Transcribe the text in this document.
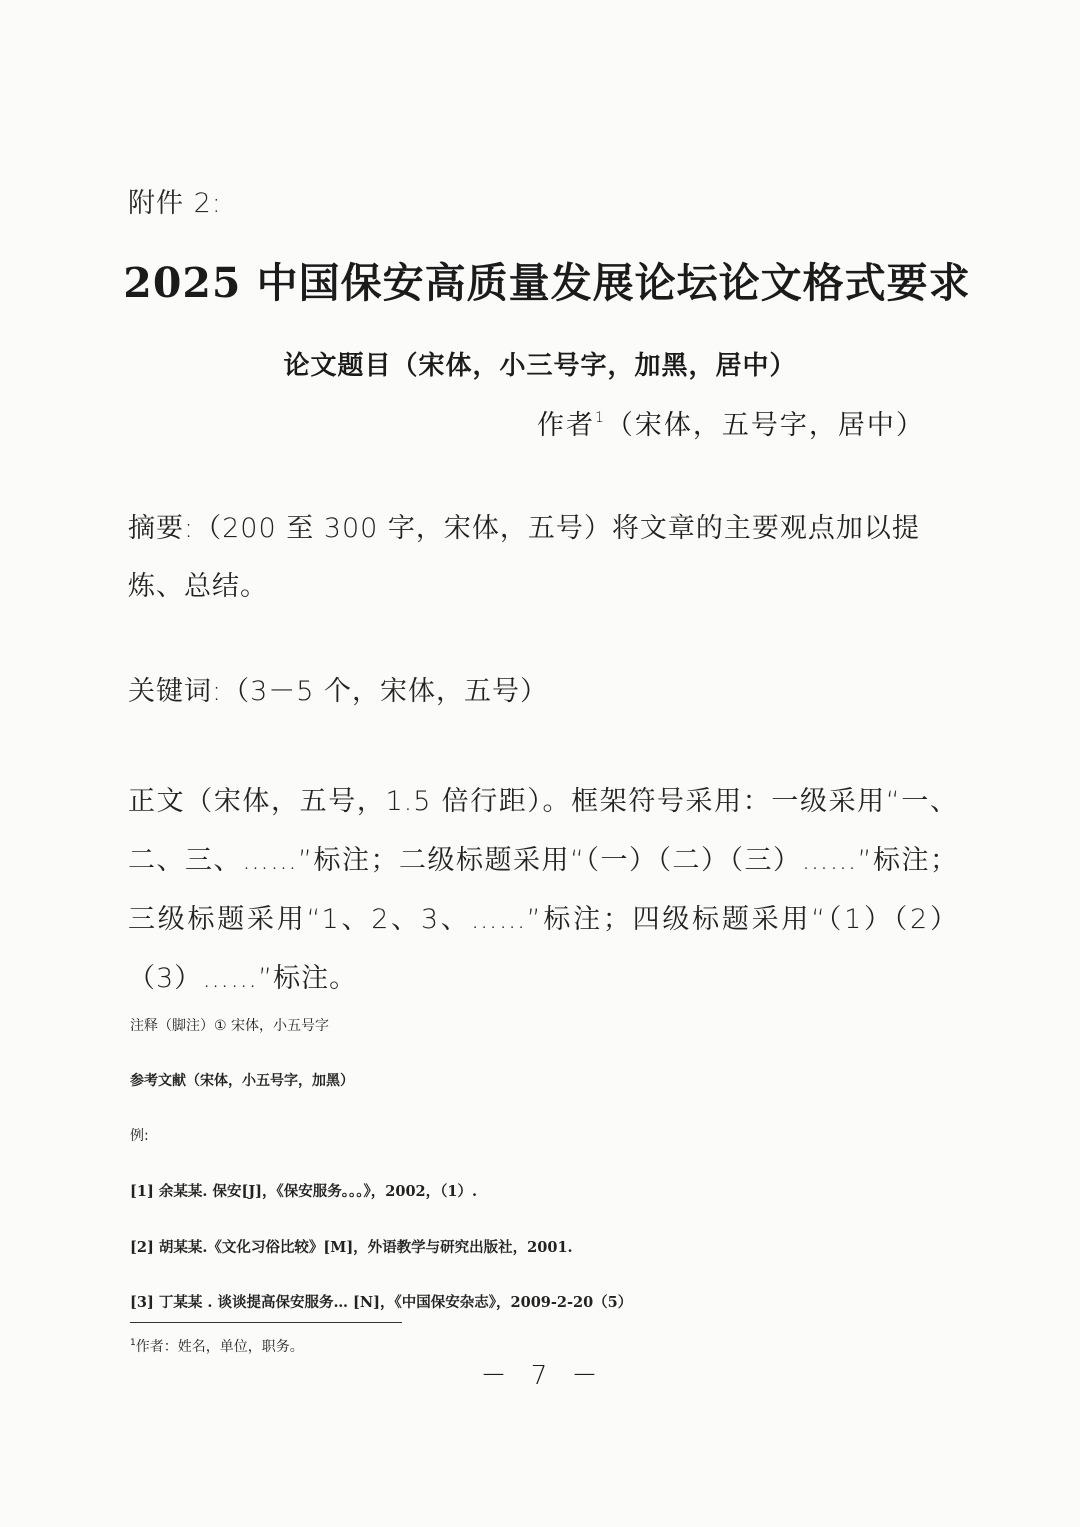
附件 2:
2025 中国保安高质量发展论坛论文格式要求
论文题目（宋体，小三号字，加黑，居中）
作者$^1$（宋体，五号字，居中）
摘要:（200 至 300 字，宋体，五号）将文章的主要观点加以提炼、总结。
关键词:（3－5 个，宋体，五号）
正文（宋体，五号，1.5 倍行距）。框架符号采用：一级采用“一、二、三、……”标注；二级标题采用“（一）（二）（三）……”标注；三级标题采用“1、2、3、……”标注；四级标题采用“（1）（2）（3）……”标注。
注释（脚注）① 宋体，小五号字
参考文献（宋体，小五号字，加黑）
例:
[1] 余某某. 保安[J]，《保安服务。。。》，2002，（1）.
[2] 胡某某.《文化习俗比较》[M]，外语教学与研究出版社，2001.
[3] 丁某某 . 谈谈提高保安服务… [N]，《中国保安杂志》，2009-2-20（5）
$^1$作者：姓名，单位，职务。
－ 7 －
